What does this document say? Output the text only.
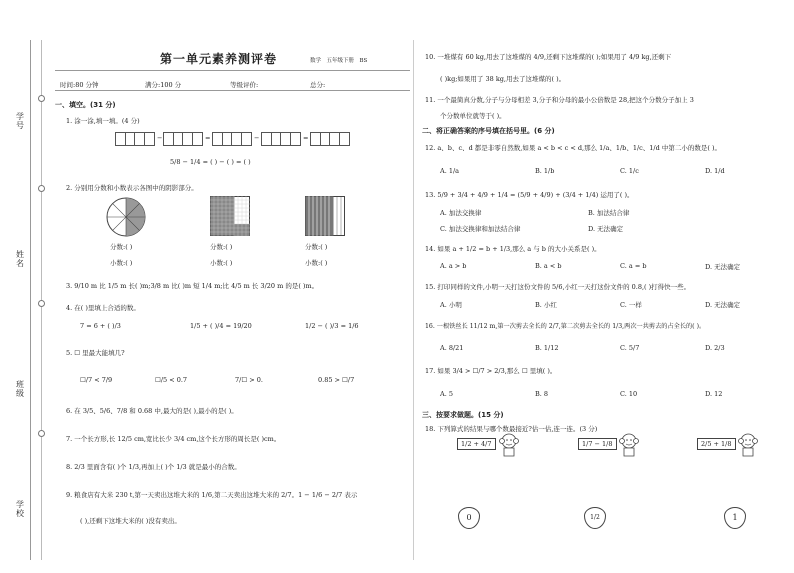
学号
姓名
班级
学校
第一单元素养测评卷	数学　五年级下册　BS
时间:80 分钟	满分:100 分	等级评价:	总分:
一、填空。(31 分)
1. 涂一涂,填一填。(4 分)
−	=	−	=
5/8 − 1/4 = ( ) − ( ) = ( )
2. 分别用分数和小数表示各图中的阴影部分。
分数:( )	分数:( )	分数:( )
小数:( )	小数:( )	小数:( )
3. 9/10 m 比 1/5 m 长( )m;3/8 m 比( )m 短 1/4 m;比 4/5 m 长 3/20 m 的是( )m。
4. 在( )里填上合适的数。
7 = 6 + ( )/3	1/5 + ( )/4 = 19/20	1/2 − ( )/3 = 1/6
5. ☐ 里最大能填几?
☐/7 < 7/9	☐/5 < 0.7	7/☐ > 0.	0.85 > ☐/7
6. 在 3/5、5/6、7/8 和 0.68 中,最大的是( ),最小的是( )。
7. 一个长方形,长 12/5 cm,宽比长少 3/4 cm,这个长方形的周长是( )cm。
8. 2/3 里面含有( )个 1/3,再加上( )个 1/3 就是最小的合数。
9. 粮食店有大米 230 t,第一天卖出这堆大米的 1/6,第二天卖出这堆大米的 2/7。1 − 1/6 − 2/7 表示
( ),还剩下这堆大米的( )没有卖出。
10. 一堆煤有 60 kg,用去了这堆煤的 4/9,还剩下这堆煤的( );如果用了 4/9 kg,还剩下
( )kg;如果用了 38 kg,用去了这堆煤的( )。
11. 一个最简真分数,分子与分母相差 3,分子和分母的最小公倍数是 28,把这个分数分子加上 3
个分数单位就等于( )。
二、将正确答案的序号填在括号里。(6 分)
12. a、b、c、d 都是非零自然数,如果 a < b < c < d,那么 1/a、1/b、1/c、1/d 中第二小的数是( )。
A. 1/a	B. 1/b	C. 1/c	D. 1/d
13. 5/9 + 3/4 + 4/9 + 1/4 = (5/9 + 4/9) + (3/4 + 1/4) 运用了( )。
A. 加法交换律	B. 加法结合律
C. 加法交换律和加法结合律	D. 无法确定
14. 如果 a + 1/2 = b + 1/3,那么 a 与 b 的大小关系是( )。
A. a > b	B. a < b	C. a = b	D. 无法确定
15. 打印同样的文件,小明一天打这份文件的 5/6,小红一天打这份文件的 0.8,( )打得快一些。
A. 小明	B. 小红	C. 一样	D. 无法确定
16. 一根铁丝长 11/12 m,第一次剪去全长的 2/7,第二次剪去全长的 1/3,两次一共剪去的占全长的( )。
A. 8/21	B. 1/12	C. 5/7	D. 2/3
17. 如果 3/4 > ☐/7 > 2/3,那么 ☐ 里填( )。
A. 5	B. 8	C. 10	D. 12
三、按要求做题。(15 分)
18. 下列算式的结果与哪个数最接近?估一估,连一连。(3 分)
1/2 + 4/7	1/7 − 1/8	2/5 + 1/8
0	1/2	1
